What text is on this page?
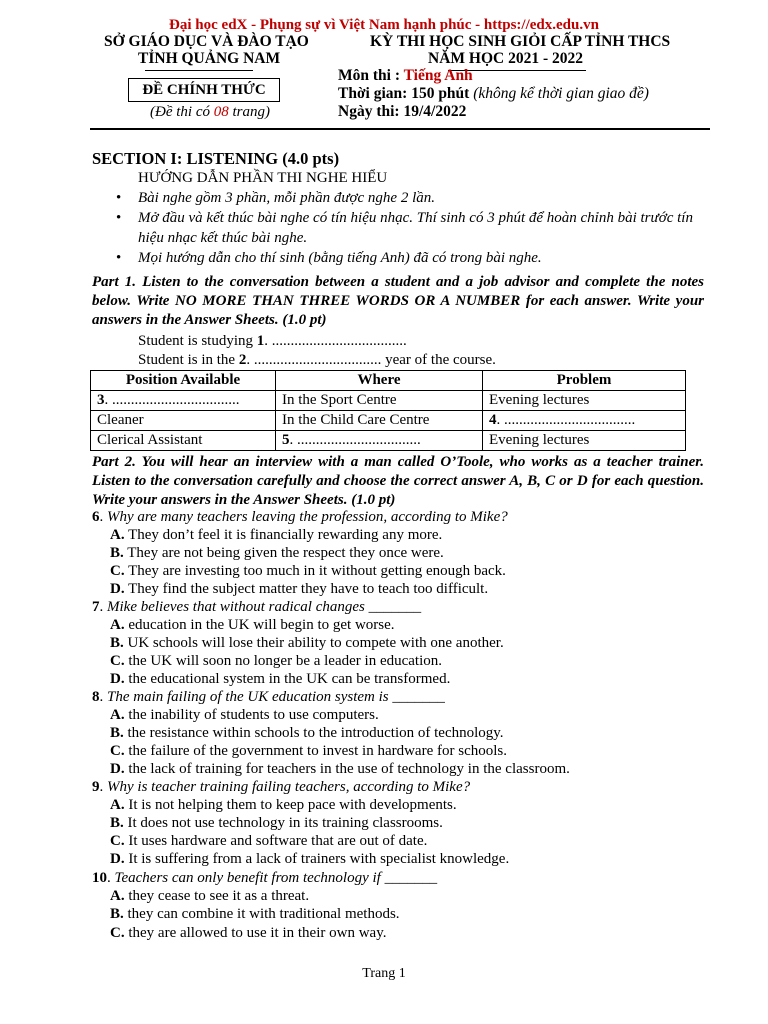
Đại học edX - Phụng sự vì Việt Nam hạnh phúc - https://edx.edu.vn
SỞ GIÁO DỤC VÀ ĐÀO TẠO
TỈNH QUẢNG NAM
ĐỀ CHÍNH THỨC
(Đề thi có 08 trang)
KỲ THI HỌC SINH GIỎI CẤP TỈNH THCS
NĂM HỌC 2021 - 2022
Môn thi : Tiếng Anh
Thời gian: 150 phút (không kể thời gian giao đề)
Ngày thi: 19/4/2022
SECTION I: LISTENING (4.0 pts)
HƯỚNG DẪN PHẦN THI NGHE HIỂU
• Bài nghe gồm 3 phần, mỗi phần được nghe 2 lần.
• Mở đầu và kết thúc bài nghe có tín hiệu nhạc. Thí sinh có 3 phút để hoàn chỉnh bài trước tín hiệu nhạc kết thúc bài nghe.
• Mọi hướng dẫn cho thí sinh (bằng tiếng Anh) đã có trong bài nghe.
Part 1. Listen to the conversation between a student and a job advisor and complete the notes below. Write NO MORE THAN THREE WORDS OR A NUMBER for each answer. Write your answers in the Answer Sheets. (1.0 pt)
Student is studying 1. ....................................
Student is in the 2. .................................. year of the course.
Position Available	Where	Problem
3. ..................................	In the Sport Centre	Evening lectures
Cleaner	In the Child Care Centre	4. ...................................
Clerical Assistant	5. .................................	Evening lectures
Part 2. You will hear an interview with a man called O’Toole, who works as a teacher trainer. Listen to the conversation carefully and choose the correct answer A, B, C or D for each question. Write your answers in the Answer Sheets. (1.0 pt)
6. Why are many teachers leaving the profession, according to Mike?
A. They don’t feel it is financially rewarding any more.
B. They are not being given the respect they once were.
C. They are investing too much in it without getting enough back.
D. They find the subject matter they have to teach too difficult.
7. Mike believes that without radical changes _______
A. education in the UK will begin to get worse.
B. UK schools will lose their ability to compete with one another.
C. the UK will soon no longer be a leader in education.
D. the educational system in the UK can be transformed.
8. The main failing of the UK education system is _______
A. the inability of students to use computers.
B. the resistance within schools to the introduction of technology.
C. the failure of the government to invest in hardware for schools.
D. the lack of training for teachers in the use of technology in the classroom.
9. Why is teacher training failing teachers, according to Mike?
A. It is not helping them to keep pace with developments.
B. It does not use technology in its training classrooms.
C. It uses hardware and software that are out of date.
D. It is suffering from a lack of trainers with specialist knowledge.
10. Teachers can only benefit from technology if _______
A. they cease to see it as a threat.
B. they can combine it with traditional methods.
C. they are allowed to use it in their own way.
Trang 1
